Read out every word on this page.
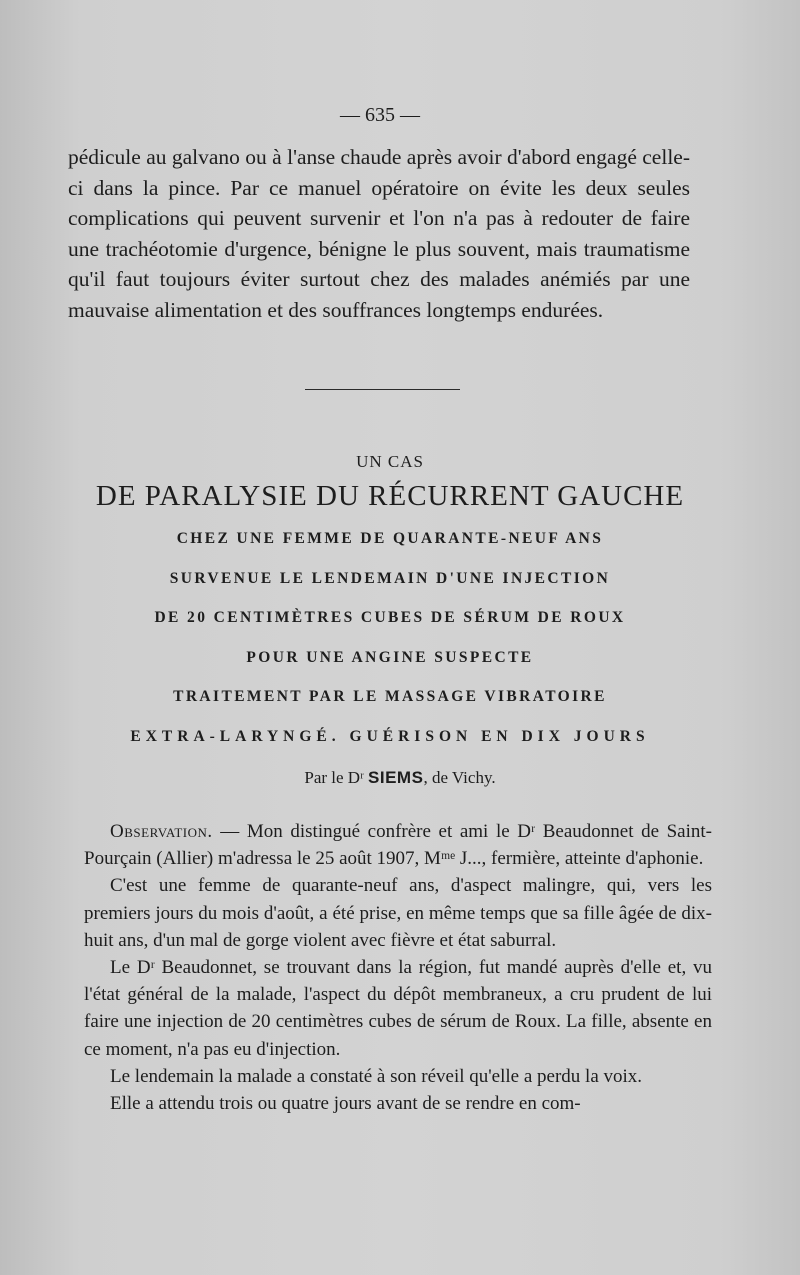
— 635 —

pédicule au galvano ou à l'anse chaude après avoir d'abord engagé celle-ci dans la pince. Par ce manuel opératoire on évite les deux seules complications qui peuvent survenir et l'on n'a pas à redouter de faire une trachéotomie d'urgence, bénigne le plus souvent, mais traumatisme qu'il faut toujours éviter surtout chez des malades anémiés par une mauvaise alimentation et des souffrances longtemps endurées.

UN CAS
DE PARALYSIE DU RÉCURRENT GAUCHE
CHEZ UNE FEMME DE QUARANTE-NEUF ANS
SURVENUE LE LENDEMAIN D'UNE INJECTION
DE 20 CENTIMÈTRES CUBES DE SÉRUM DE ROUX
POUR UNE ANGINE SUSPECTE
TRAITEMENT PAR LE MASSAGE VIBRATOIRE
EXTRA-LARYNGÉ. GUÉRISON EN DIX JOURS

Par le Dʳ SIEMS, de Vichy.

Observation. — Mon distingué confrère et ami le Dʳ Beaudonnet de Saint-Pourçain (Allier) m'adressa le 25 août 1907, Mᵐᵉ J..., fermière, atteinte d'aphonie.

C'est une femme de quarante-neuf ans, d'aspect malingre, qui, vers les premiers jours du mois d'août, a été prise, en même temps que sa fille âgée de dix-huit ans, d'un mal de gorge violent avec fièvre et état saburral.

Le Dʳ Beaudonnet, se trouvant dans la région, fut mandé auprès d'elle et, vu l'état général de la malade, l'aspect du dépôt membraneux, a cru prudent de lui faire une injection de 20 centimètres cubes de sérum de Roux. La fille, absente en ce moment, n'a pas eu d'injection.

Le lendemain la malade a constaté à son réveil qu'elle a perdu la voix.

Elle a attendu trois ou quatre jours avant de se rendre en com-
